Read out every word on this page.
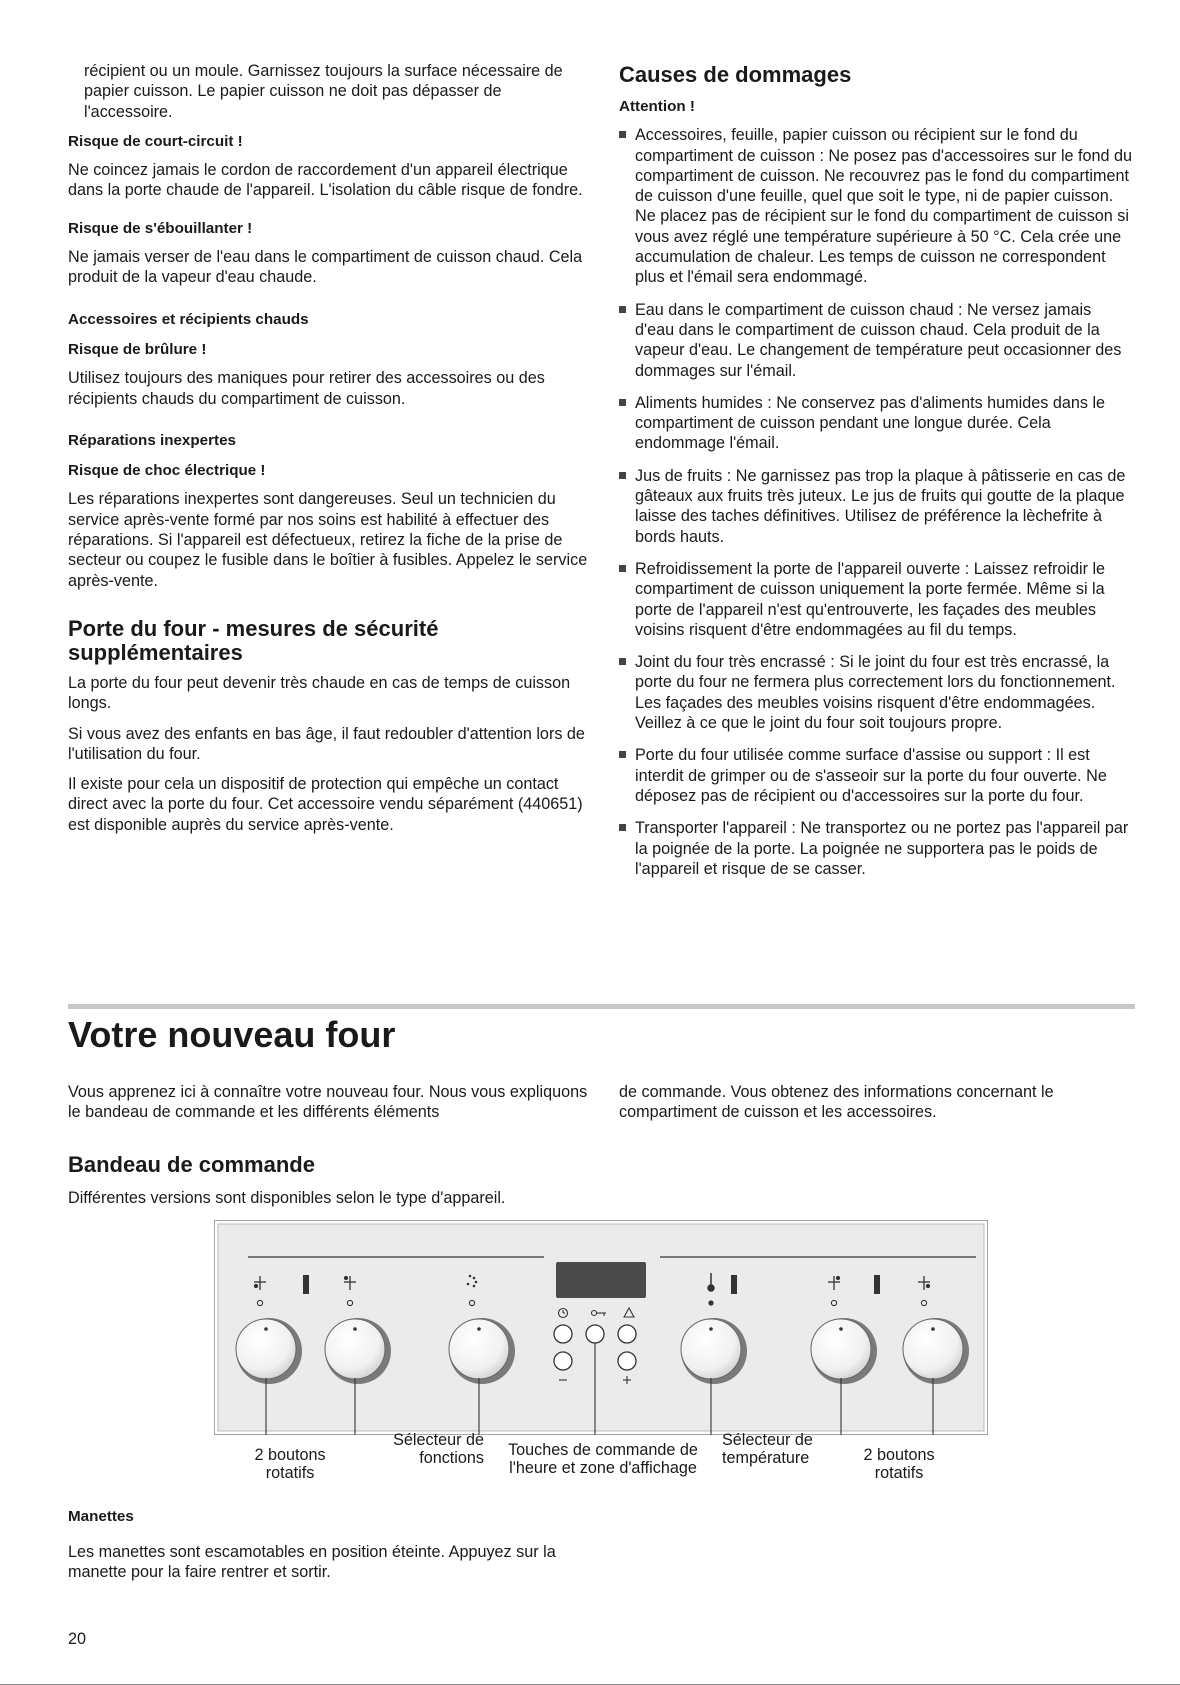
récipient ou un moule. Garnissez toujours la surface nécessaire de papier cuisson. Le papier cuisson ne doit pas dépasser de l'accessoire.

Risque de court-circuit !

Ne coincez jamais le cordon de raccordement d'un appareil électrique dans la porte chaude de l'appareil. L'isolation du câble risque de fondre.

Risque de s'ébouillanter !

Ne jamais verser de l'eau dans le compartiment de cuisson chaud. Cela produit de la vapeur d'eau chaude.

Accessoires et récipients chauds

Risque de brûlure !

Utilisez toujours des maniques pour retirer des accessoires ou des récipients chauds du compartiment de cuisson.

Réparations inexpertes

Risque de choc électrique !

Les réparations inexpertes sont dangereuses. Seul un technicien du service après-vente formé par nos soins est habilité à effectuer des réparations. Si l'appareil est défectueux, retirez la fiche de la prise de secteur ou coupez le fusible dans le boîtier à fusibles. Appelez le service après-vente.

Porte du four - mesures de sécurité supplémentaires

La porte du four peut devenir très chaude en cas de temps de cuisson longs.

Si vous avez des enfants en bas âge, il faut redoubler d'attention lors de l'utilisation du four.

Il existe pour cela un dispositif de protection qui empêche un contact direct avec la porte du four. Cet accessoire vendu séparément (440651) est disponible auprès du service après-vente.

Causes de dommages

Attention !

Accessoires, feuille, papier cuisson ou récipient sur le fond du compartiment de cuisson : Ne posez pas d'accessoires sur le fond du compartiment de cuisson. Ne recouvrez pas le fond du compartiment de cuisson d'une feuille, quel que soit le type, ni de papier cuisson. Ne placez pas de récipient sur le fond du compartiment de cuisson si vous avez réglé une température supérieure à 50 °C. Cela crée une accumulation de chaleur. Les temps de cuisson ne correspondent plus et l'émail sera endommagé.
Eau dans le compartiment de cuisson chaud : Ne versez jamais d'eau dans le compartiment de cuisson chaud. Cela produit de la vapeur d'eau. Le changement de température peut occasionner des dommages sur l'émail.
Aliments humides : Ne conservez pas d'aliments humides dans le compartiment de cuisson pendant une longue durée. Cela endommage l'émail.
Jus de fruits : Ne garnissez pas trop la plaque à pâtisserie en cas de gâteaux aux fruits très juteux. Le jus de fruits qui goutte de la plaque laisse des taches définitives. Utilisez de préférence la lèchefrite à bords hauts.
Refroidissement la porte de l'appareil ouverte : Laissez refroidir le compartiment de cuisson uniquement la porte fermée. Même si la porte de l'appareil n'est qu'entrouverte, les façades des meubles voisins risquent d'être endommagées au fil du temps.
Joint du four très encrassé : Si le joint du four est très encrassé, la porte du four ne fermera plus correctement lors du fonctionnement. Les façades des meubles voisins risquent d'être endommagées. Veillez à ce que le joint du four soit toujours propre.
Porte du four utilisée comme surface d'assise ou support : Il est interdit de grimper ou de s'asseoir sur la porte du four ouverte. Ne déposez pas de récipient ou d'accessoires sur la porte du four.
Transporter l'appareil : Ne transportez ou ne portez pas l'appareil par la poignée de la porte. La poignée ne supportera pas le poids de l'appareil et risque de se casser.
Votre nouveau four

Vous apprenez ici à connaître votre nouveau four. Nous vous expliquons le bandeau de commande et les différents éléments

de commande. Vous obtenez des informations concernant le compartiment de cuisson et les accessoires.

Bandeau de commande

Différentes versions sont disponibles selon le type d'appareil.

2 boutons rotatifs
Sélecteur de fonctions	Touches de commande de l'heure et zone d'affichage
Sélecteur de température	2 boutons rotatifs

Manettes

Les manettes sont escamotables en position éteinte. Appuyez sur la manette pour la faire rentrer et sortir.

20
